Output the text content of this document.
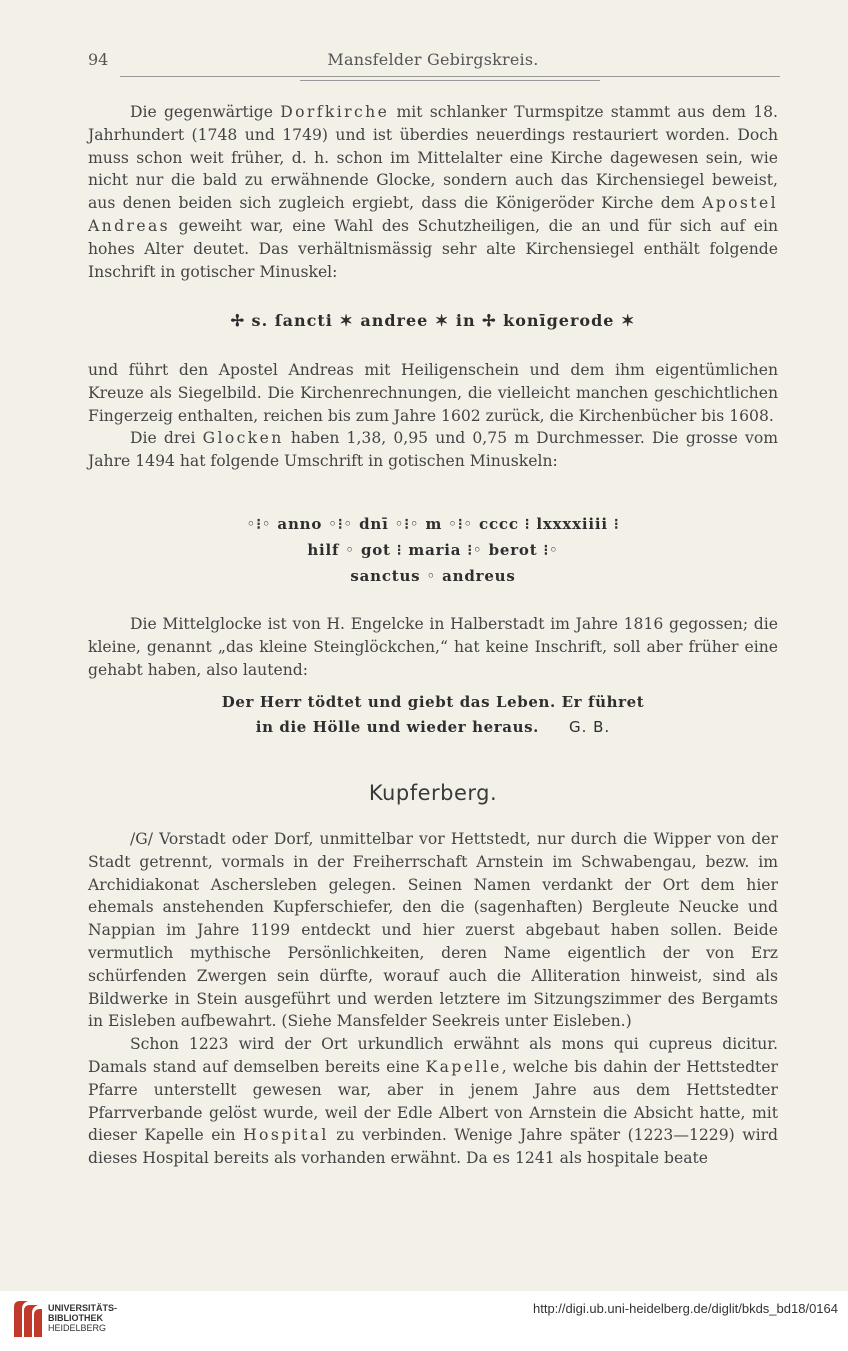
94	Mansfelder Gebirgskreis.

Die gegenwärtige Dorfkirche mit schlanker Turmspitze stammt aus dem 18. Jahrhundert (1748 und 1749) und ist überdies neuerdings restauriert worden. Doch muss schon weit früher, d. h. schon im Mittelalter eine Kirche dagewesen sein, wie nicht nur die bald zu erwähnende Glocke, sondern auch das Kirchensiegel beweist, aus denen beiden sich zugleich ergiebt, dass die Königeröder Kirche dem Apostel Andreas geweiht war, eine Wahl des Schutzheiligen, die an und für sich auf ein hohes Alter deutet. Das verhältnismässig sehr alte Kirchensiegel enthält folgende Inschrift in gotischer Minuskel:

✢ s. ſancti ✶ andree ✶ in ✢ konīgerode ✶

und führt den Apostel Andreas mit Heiligenschein und dem ihm eigentümlichen Kreuze als Siegelbild. Die Kirchenrechnungen, die vielleicht manchen geschichtlichen Fingerzeig enthalten, reichen bis zum Jahre 1602 zurück, die Kirchenbücher bis 1608.

Die drei Glocken haben 1,38, 0,95 und 0,75 m Durchmesser. Die grosse vom Jahre 1494 hat folgende Umschrift in gotischen Minuskeln:

◦⁝◦ anno ◦⁝◦ dnī ◦⁝◦ m ◦⁝◦ cccc ⁝ lxxxxiiii ⁝
hilf ◦ got ⁝ maria ⁝◦ berot ⁝◦
sanctus ◦ andreus

Die Mittelglocke ist von H. Engelcke in Halberstadt im Jahre 1816 gegossen; die kleine, genannt „das kleine Steinglöckchen,“ hat keine Inschrift, soll aber früher eine gehabt haben, also lautend:

Der Herr tödtet und giebt das Leben. Er führet
in die Hölle und wieder heraus. G. B.
Kupferberg.

/G/ Vorstadt oder Dorf, unmittelbar vor Hettstedt, nur durch die Wipper von der Stadt getrennt, vormals in der Freiherrschaft Arnstein im Schwabengau, bezw. im Archidiakonat Aschersleben gelegen. Seinen Namen verdankt der Ort dem hier ehemals anstehenden Kupferschiefer, den die (sagenhaften) Bergleute Neucke und Nappian im Jahre 1199 entdeckt und hier zuerst abgebaut haben sollen. Beide vermutlich mythische Persönlichkeiten, deren Name eigentlich der von Erz schürfenden Zwergen sein dürfte, worauf auch die Alliteration hinweist, sind als Bildwerke in Stein ausgeführt und werden letztere im Sitzungszimmer des Bergamts in Eisleben aufbewahrt. (Siehe Mansfelder Seekreis unter Eisleben.)

Schon 1223 wird der Ort urkundlich erwähnt als mons qui cupreus dicitur. Damals stand auf demselben bereits eine Kapelle, welche bis dahin der Hettstedter Pfarre unterstellt gewesen war, aber in jenem Jahre aus dem Hettstedter Pfarrverbande gelöst wurde, weil der Edle Albert von Arnstein die Absicht hatte, mit dieser Kapelle ein Hospital zu verbinden. Wenige Jahre später (1223—1229) wird dieses Hospital bereits als vorhanden erwähnt. Da es 1241 als hospitale beate

UNIVERSITÄTS-
BIBLIOTHEK
HEIDELBERG
http://digi.ub.uni-heidelberg.de/diglit/bkds_bd18/0164
